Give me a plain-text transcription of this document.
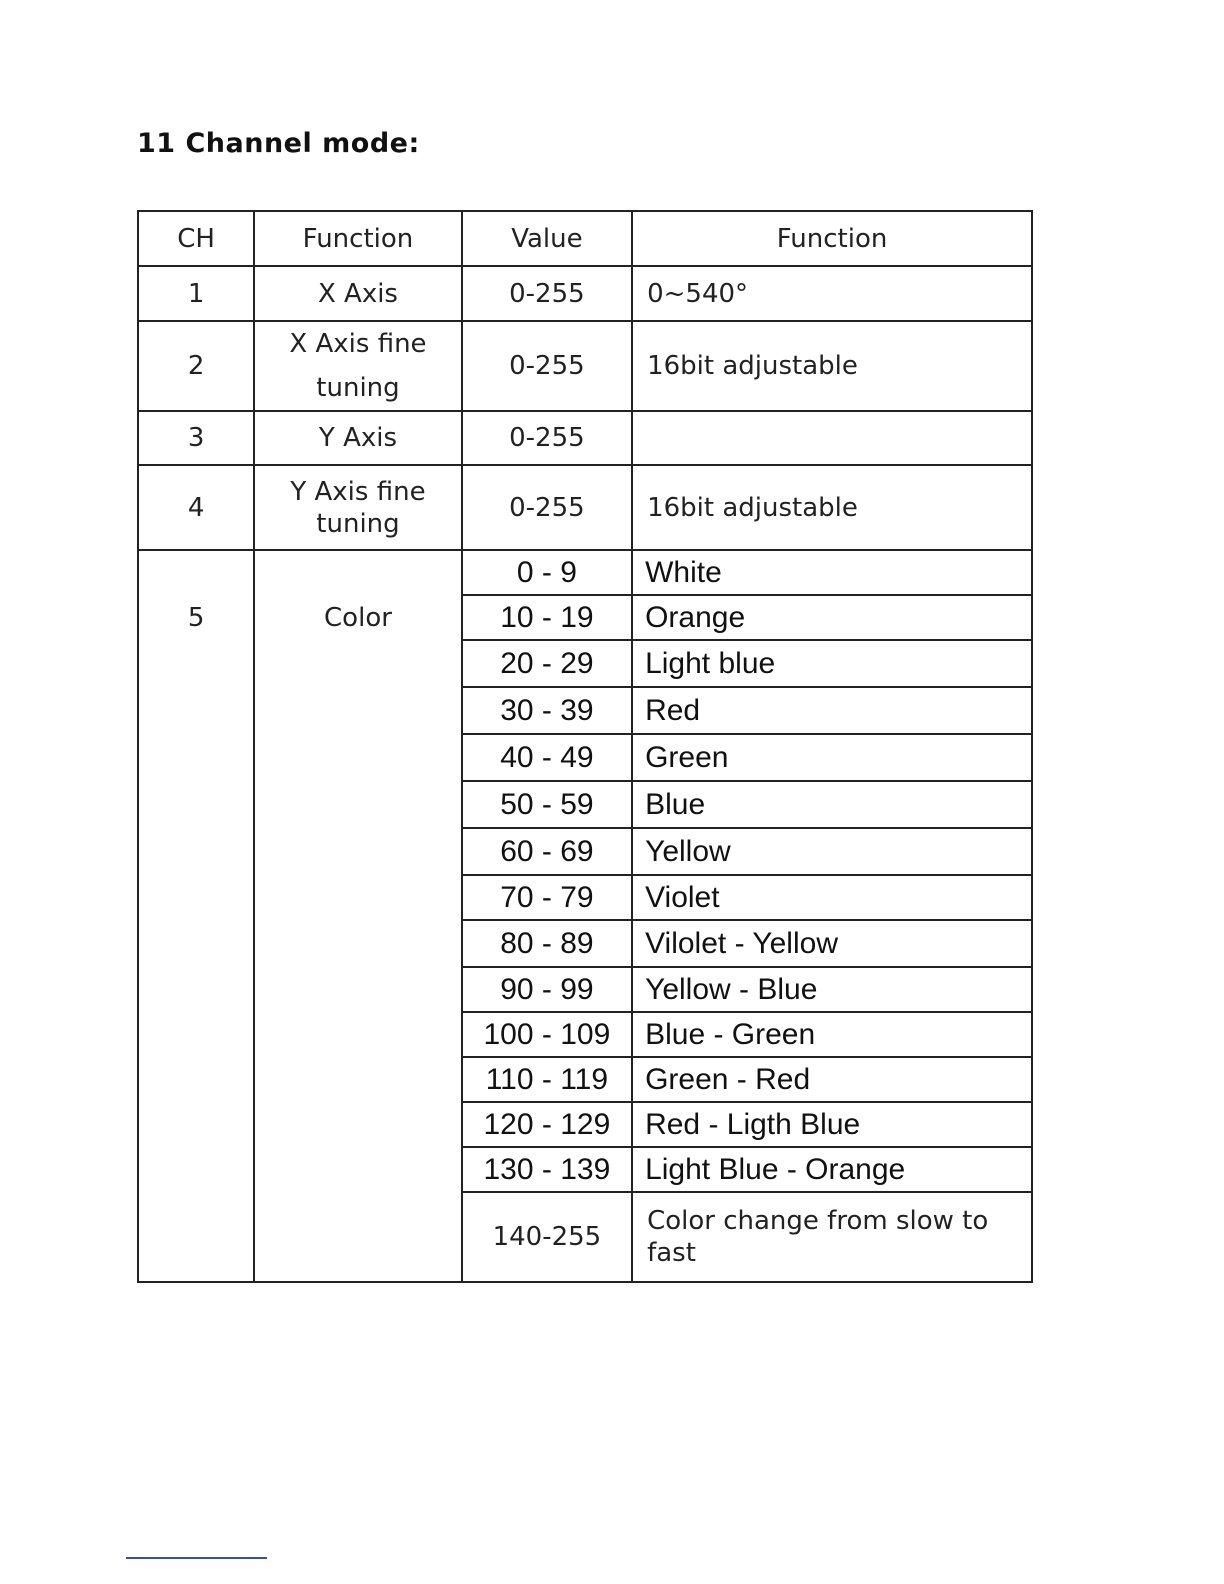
11 Channel mode:
CH	Function	Value	Function
1	X Axis	0-255	0~540°
2	X Axis fine
tuning	0-255	16bit adjustable
3	Y Axis	0-255	
4	Y Axis fine
tuning	0-255	16bit adjustable
5	Color	0 - 9	White
		10 - 19	Orange
		20 - 29	Light blue
		30 - 39	Red
		40 - 49	Green
		50 - 59	Blue
		60 - 69	Yellow
		70 - 79	Violet
		80 - 89	Vilolet - Yellow
		90 - 99	Yellow - Blue
		100 - 109	Blue - Green
		110 - 119	Green - Red
		120 - 129	Red - Ligth Blue
		130 - 139	Light Blue - Orange
		140-255	Color change from slow to
fast
